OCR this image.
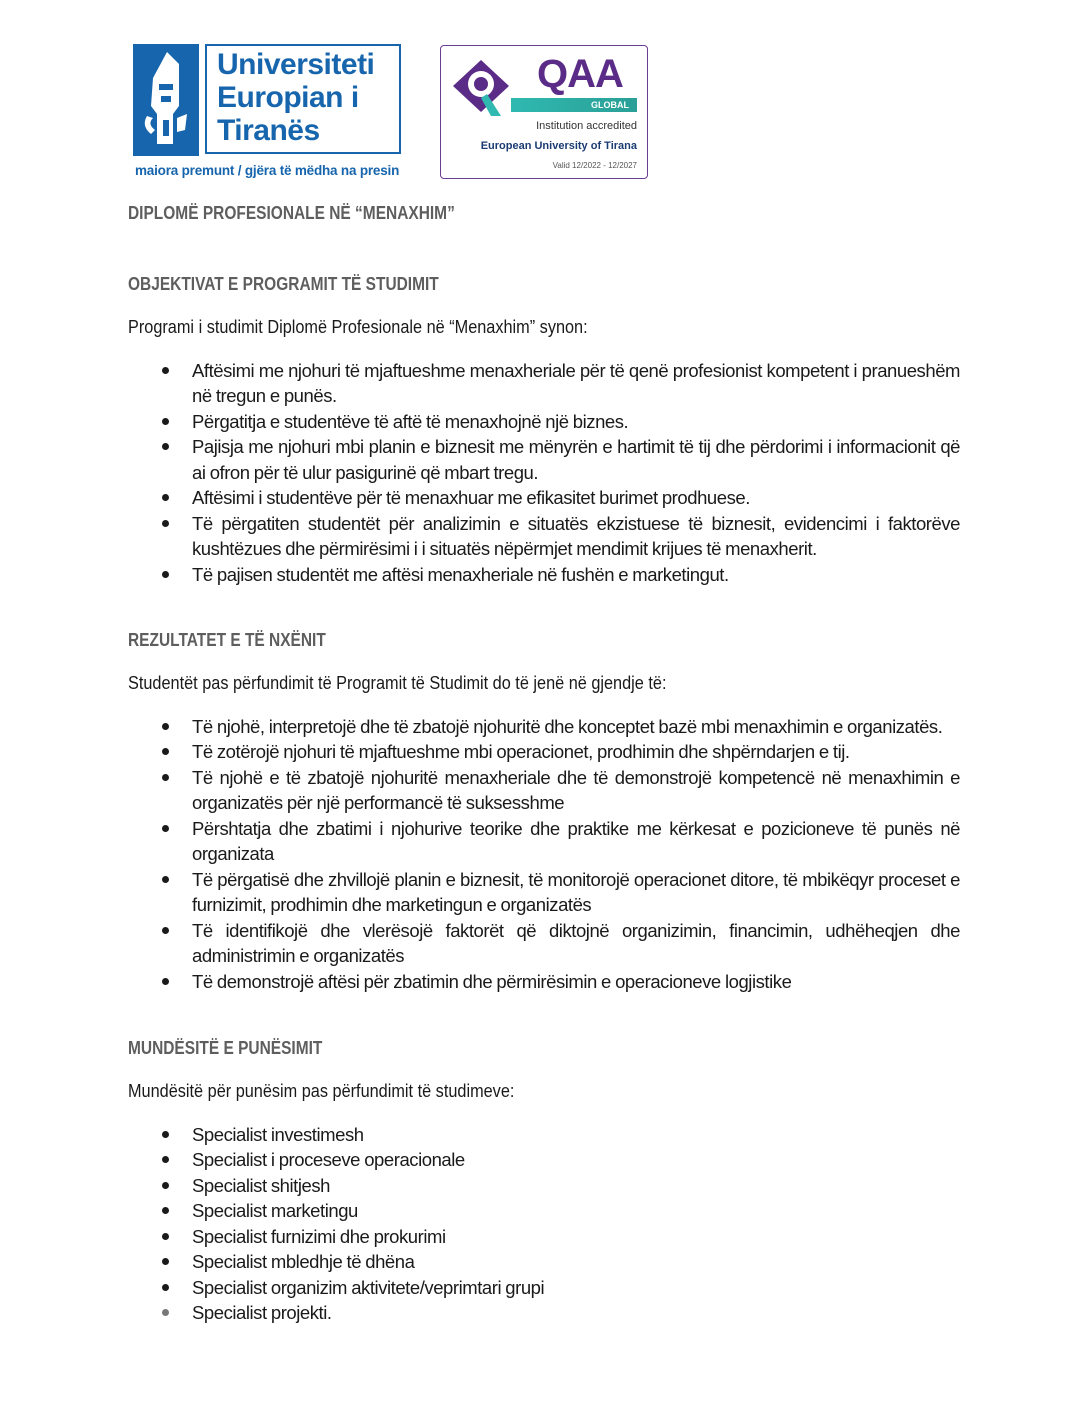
Universiteti
Europian i
Tiranës
maiora premunt / gjëra të mëdha na presin
QAA
GLOBAL
Institution accredited
European University of Tirana
Valid 12/2022 - 12/2027
DIPLOMË PROFESIONALE NË “MENAXHIM”
OBJEKTIVAT E PROGRAMIT TË STUDIMIT

Programi i studimit Diplomë Profesionale në “Menaxhim” synon:

Aftësimi me njohuri të mjaftueshme menaxheriale për të qenë profesionist kompetent i pranueshëm në tregun e punës.
Përgatitja e studentëve të aftë të menaxhojnë një biznes.
Pajisja me njohuri mbi planin e biznesit me mënyrën e hartimit të tij dhe përdorimi i informacionit që ai ofron për të ulur pasigurinë që mbart tregu.
Aftësimi i studentëve për të menaxhuar me efikasitet burimet prodhuese.
Të përgatiten studentët për analizimin e situatës ekzistuese të biznesit, evidencimi i faktorëve kushtëzues dhe përmirësimi i i situatës nëpërmjet mendimit krijues të menaxherit.
Të pajisen studentët me aftësi menaxheriale në fushën e marketingut.
REZULTATET E TË NXËNIT

Studentët pas përfundimit të Programit të Studimit do të jenë në gjendje të:

Të njohë, interpretojë dhe të zbatojë njohuritë dhe konceptet bazë mbi menaxhimin e organizatës.
Të zotërojë njohuri të mjaftueshme mbi operacionet, prodhimin dhe shpërndarjen e tij.
Të njohë e të zbatojë njohuritë menaxheriale dhe të demonstrojë kompetencë në menaxhimin e organizatës për një performancë të suksesshme
Përshtatja dhe zbatimi i njohurive teorike dhe praktike me kërkesat e pozicioneve të punës në organizata
Të përgatisë dhe zhvillojë planin e biznesit, të monitorojë operacionet ditore, të mbikëqyr proceset e furnizimit, prodhimin dhe marketingun e organizatës
Të identifikojë dhe vlerësojë faktorët që diktojnë organizimin, financimin, udhëheqjen dhe administrimin e organizatës
Të demonstrojë aftësi për zbatimin dhe përmirësimin e operacioneve logjistike
MUNDËSITË E PUNËSIMIT

Mundësitë për punësim pas përfundimit të studimeve:

Specialist investimesh
Specialist i proceseve operacionale
Specialist shitjesh
Specialist marketingu
Specialist furnizimi dhe prokurimi
Specialist mbledhje të dhëna
Specialist organizim aktivitete/veprimtari grupi
Specialist projekti.
